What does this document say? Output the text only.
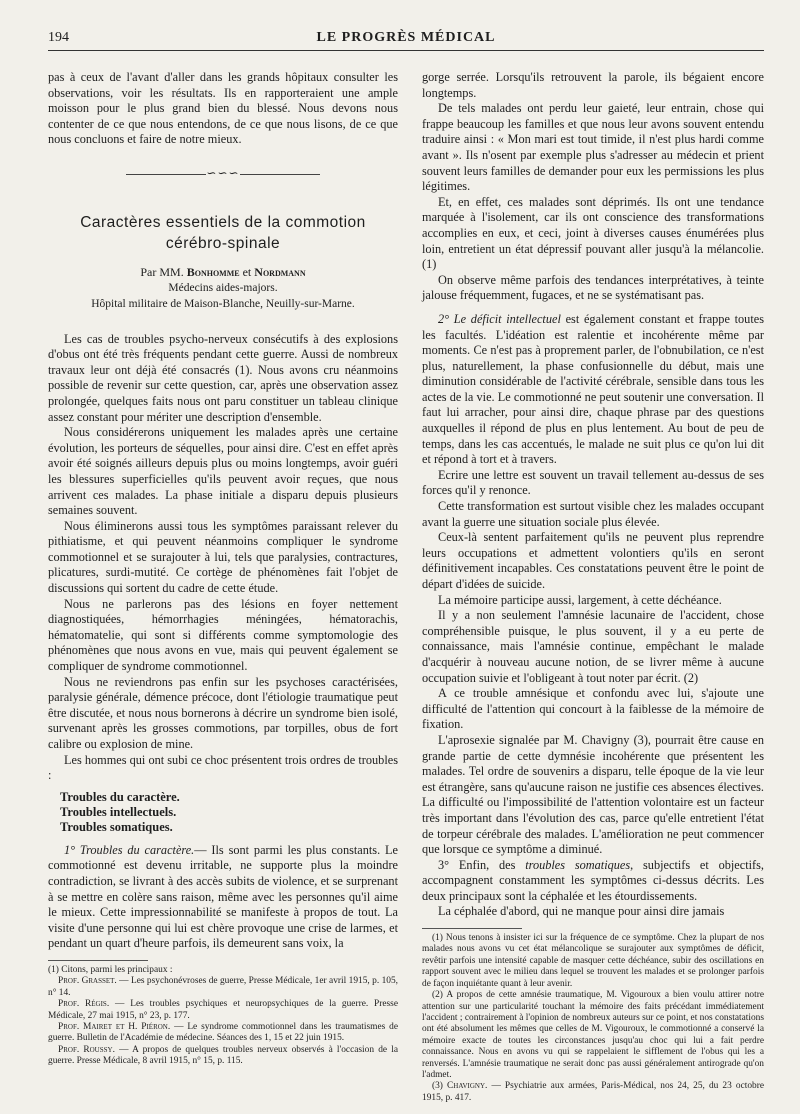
194	LE PROGRÈS MÉDICAL

pas à ceux de l'avant d'aller dans les grands hôpitaux consulter les observations, voir les résultats. Ils en rapporteraient une ample moisson pour le plus grand bien du blessé. Nous devons nous contenter de ce que nous entendons, de ce que nous lisons, de ce que nous concluons et faire de notre mieux.

∽∽∽
Caractères essentiels de la commotion cérébro-spinale
Par MM. Bonhomme et Nordmann
Médecins aides-majors.
Hôpital militaire de Maison-Blanche, Neuilly-sur-Marne.

Les cas de troubles psycho-nerveux consécutifs à des explosions d'obus ont été très fréquents pendant cette guerre. Aussi de nombreux travaux leur ont déjà été consacrés (1). Nous avons cru néanmoins possible de revenir sur cette question, car, après une observation assez prolongée, quelques faits nous ont paru constituer un tableau clinique assez constant pour mériter une description d'ensemble.

Nous considérerons uniquement les malades après une certaine évolution, les porteurs de séquelles, pour ainsi dire. C'est en effet après avoir été soignés ailleurs depuis plus ou moins longtemps, avoir guéri les blessures superficielles qu'ils peuvent avoir reçues, que nous arrivent ces malades. La phase initiale a disparu depuis plusieurs semaines souvent.

Nous éliminerons aussi tous les symptômes paraissant relever du pithiatisme, et qui peuvent néanmoins compliquer le syndrome commotionnel et se surajouter à lui, tels que paralysies, contractures, plicatures, surdi-mutité. Ce cortège de phénomènes fait l'objet de discussions qui sortent du cadre de cette étude.

Nous ne parlerons pas des lésions en foyer nettement diagnostiquées, hémorrhagies méningées, hématorachis, hématomatelie, qui sont si différents comme symptomologie des phénomènes que nous avons en vue, mais qui peuvent également se compliquer de syndrome commotionnel.

Nous ne reviendrons pas enfin sur les psychoses caractérisées, paralysie générale, démence précoce, dont l'étiologie traumatique peut être discutée, et nous nous bornerons à décrire un syndrome bien isolé, survenant après les grosses commotions, par torpilles, obus de fort calibre ou explosion de mine.

Les hommes qui ont subi ce choc présentent trois ordres de troubles :

Troubles du caractère.
Troubles intellectuels.
Troubles somatiques.

1° Troubles du caractère.— Ils sont parmi les plus constants. Le commotionné est devenu irritable, ne supporte plus la moindre contradiction, se livrant à des accès subits de violence, et se surprenant à se mettre en colère sans raison, même avec les personnes qu'il aime le mieux. Cette impressionnabilité se manifeste à propos de tout. La visite d'une personne qui lui est chère provoque une crise de larmes, et pendant un quart d'heure parfois, ils demeurent sans voix, la

(1) Citons, parmi les principaux :

Prof. Grasset. — Les psychonévroses de guerre, Presse Médicale, 1er avril 1915, p. 105, n° 14.

Prof. Régis. — Les troubles psychiques et neuropsychiques de la guerre. Presse Médicale, 27 mai 1915, n° 23, p. 177.

Prof. Mairet et H. Piéron. — Le syndrome commotionnel dans les traumatismes de guerre. Bulletin de l'Académie de médecine. Séances des 1, 15 et 22 juin 1915.

Prof. Roussy. — A propos de quelques troubles nerveux observés à l'occasion de la guerre. Presse Médicale, 8 avril 1915, n° 15, p. 115.

gorge serrée. Lorsqu'ils retrouvent la parole, ils bégaient encore longtemps.

De tels malades ont perdu leur gaieté, leur entrain, chose qui frappe beaucoup les familles et que nous leur avons souvent entendu traduire ainsi : « Mon mari est tout timide, il n'est plus hardi comme avant ». Ils n'osent par exemple plus s'adresser au médecin et prient souvent leurs familles de demander pour eux les permissions les plus légitimes.

Et, en effet, ces malades sont déprimés. Ils ont une tendance marquée à l'isolement, car ils ont conscience des transformations accomplies en eux, et ceci, joint à diverses causes énumérées plus loin, entretient un état dépressif pouvant aller jusqu'à la mélancolie. (1)

On observe même parfois des tendances interprétatives, à teinte jalouse fréquemment, fugaces, et ne se systématisant pas.

2° Le déficit intellectuel est également constant et frappe toutes les facultés. L'idéation est ralentie et incohérente même par moments. Ce n'est pas à proprement parler, de l'obnubilation, ce n'est plus, naturellement, la phase confusionnelle du début, mais une diminution considérable de l'activité cérébrale, sensible dans tous les actes de la vie. Le commotionné ne peut soutenir une conversation. Il faut lui arracher, pour ainsi dire, chaque phrase par des questions auxquelles il répond de plus en plus lentement. Au bout de peu de temps, dans les cas accentués, le malade ne suit plus ce qu'on lui dit et répond à tort et à travers.

Ecrire une lettre est souvent un travail tellement au-dessus de ses forces qu'il y renonce.

Cette transformation est surtout visible chez les malades occupant avant la guerre une situation sociale plus élevée.

Ceux-là sentent parfaitement qu'ils ne peuvent plus reprendre leurs occupations et admettent volontiers qu'ils en seront définitivement incapables. Ces constatations peuvent être le point de départ d'idées de suicide.

La mémoire participe aussi, largement, à cette déchéance.

Il y a non seulement l'amnésie lacunaire de l'accident, chose compréhensible puisque, le plus souvent, il y a eu perte de connaissance, mais l'amnésie continue, empêchant le malade d'acquérir à nouveau aucune notion, de se livrer même à aucune occupation suivie et l'obligeant à tout noter par écrit. (2)

A ce trouble amnésique et confondu avec lui, s'ajoute une difficulté de l'attention qui concourt à la faiblesse de la mémoire de fixation.

L'aprosexie signalée par M. Chavigny (3), pourrait être cause en grande partie de cette dymnésie incohérente que présentent les malades. Tel ordre de souvenirs a disparu, telle époque de la vie leur est étrangère, sans qu'aucune raison ne justifie ces absences électives. La difficulté ou l'impossibilité de l'attention volontaire est un facteur très important dans l'évolution des cas, parce qu'elle entretient l'état de torpeur cérébrale des malades. L'amélioration ne peut commencer que lorsque ce symptôme a diminué.

3° Enfin, des troubles somatiques, subjectifs et objectifs, accompagnent constamment les symptômes ci-dessus décrits. Les deux principaux sont la céphalée et les étourdissements.

La céphalée d'abord, qui ne manque pour ainsi dire jamais

(1) Nous tenons à insister ici sur la fréquence de ce symptôme. Chez la plupart de nos malades nous avons vu cet état mélancolique se surajouter aux symptômes de déficit, revêtir parfois une intensité capable de masquer cette déchéance, subir des oscillations en rapport souvent avec le milieu dans lequel se trouvent les malades et se prolonger parfois de façon inquiétante quant à leur avenir.

(2) A propos de cette amnésie traumatique, M. Vigouroux a bien voulu attirer notre attention sur une particularité touchant la mémoire des faits précédant immédiatement l'accident ; contrairement à l'opinion de nombreux auteurs sur ce point, et nos constatations ont été absolument les mêmes que celles de M. Vigouroux, le commotionné a conservé la mémoire exacte de toutes les circonstances jusqu'au choc qui lui a fait perdre connaissance. Nous en avons vu qui se rappelaient le sifflement de l'obus qui les a renversés. L'amnésie traumatique ne serait donc pas aussi généralement antirograde qu'on l'admet.

(3) Chavigny. — Psychiatrie aux armées, Paris-Médical, nos 24, 25, du 23 octobre 1915, p. 417.
